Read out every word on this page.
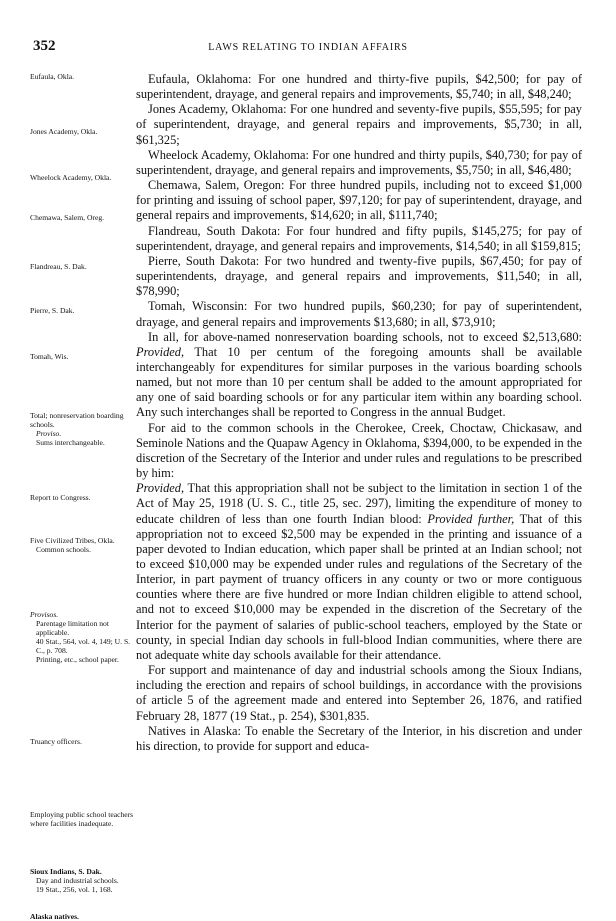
352	LAWS RELATING TO INDIAN AFFAIRS
Eufaula, Okla.
Jones Academy, Okla.
Wheelock Academy, Okla.
Chemawa, Salem, Oreg.
Flandreau, S. Dak.
Pierre, S. Dak.
Tomah, Wis.
Total; nonreservation boarding schools.
Proviso.
Sums interchangeable.
Report to Congress.
Five Civilized Tribes, Okla.
Common schools.
Provisos.
Parentage limitation not applicable.
40 Stat., 564, vol. 4, 149; U. S. C., p. 708.
Printing, etc., school paper.
Truancy officers.
Employing public school teachers where facilities inadequate.
Sioux Indians, S. Dak.
Day and industrial schools.
19 Stat., 256, vol. 1, 168.
Alaska natives.

Eufaula, Oklahoma: For one hundred and thirty-five pupils, $42,500; for pay of superintendent, drayage, and general repairs and improvements, $5,740; in all, $48,240;

Jones Academy, Oklahoma: For one hundred and seventy-five pupils, $55,595; for pay of superintendent, drayage, and general repairs and improvements, $5,730; in all, $61,325;

Wheelock Academy, Oklahoma: For one hundred and thirty pupils, $40,730; for pay of superintendent, drayage, and general repairs and improvements, $5,750; in all, $46,480;

Chemawa, Salem, Oregon: For three hundred pupils, including not to exceed $1,000 for printing and issuing of school paper, $97,120; for pay of superintendent, drayage, and general repairs and improvements, $14,620; in all, $111,740;

Flandreau, South Dakota: For four hundred and fifty pupils, $145,275; for pay of superintendent, drayage, and general repairs and improvements, $14,540; in all $159,815;

Pierre, South Dakota: For two hundred and twenty-five pupils, $67,450; for pay of superintendents, drayage, and general repairs and improvements, $11,540; in all, $78,990;

Tomah, Wisconsin: For two hundred pupils, $60,230; for pay of superintendent, drayage, and general repairs and improvements $13,680; in all, $73,910;

In all, for above-named nonreservation boarding schools, not to exceed $2,513,680: Provided, That 10 per centum of the foregoing amounts shall be available interchangeably for expenditures for similar purposes in the various boarding schools named, but not more than 10 per centum shall be added to the amount appropriated for any one of said boarding schools or for any particular item within any boarding school. Any such interchanges shall be reported to Congress in the annual Budget.

For aid to the common schools in the Cherokee, Creek, Choctaw, Chickasaw, and Seminole Nations and the Quapaw Agency in Oklahoma, $394,000, to be expended in the discretion of the Secretary of the Interior and under rules and regulations to be prescribed by him:

Provided, That this appropriation shall not be subject to the limitation in section 1 of the Act of May 25, 1918 (U. S. C., title 25, sec. 297), limiting the expenditure of money to educate children of less than one fourth Indian blood: Provided further, That of this appropriation not to exceed $2,500 may be expended in the printing and issuance of a paper devoted to Indian education, which paper shall be printed at an Indian school; not to exceed $10,000 may be expended under rules and regulations of the Secretary of the Interior, in part payment of truancy officers in any county or two or more contiguous counties where there are five hundred or more Indian children eligible to attend school, and not to exceed $10,000 may be expended in the discretion of the Secretary of the Interior for the payment of salaries of public-school teachers, employed by the State or county, in special Indian day schools in full-blood Indian communities, where there are not adequate white day schools available for their attendance.

For support and maintenance of day and industrial schools among the Sioux Indians, including the erection and repairs of school buildings, in accordance with the provisions of article 5 of the agreement made and entered into September 26, 1876, and ratified February 28, 1877 (19 Stat., p. 254), $301,835.

Natives in Alaska: To enable the Secretary of the Interior, in his discretion and under his direction, to provide for support and educa-
